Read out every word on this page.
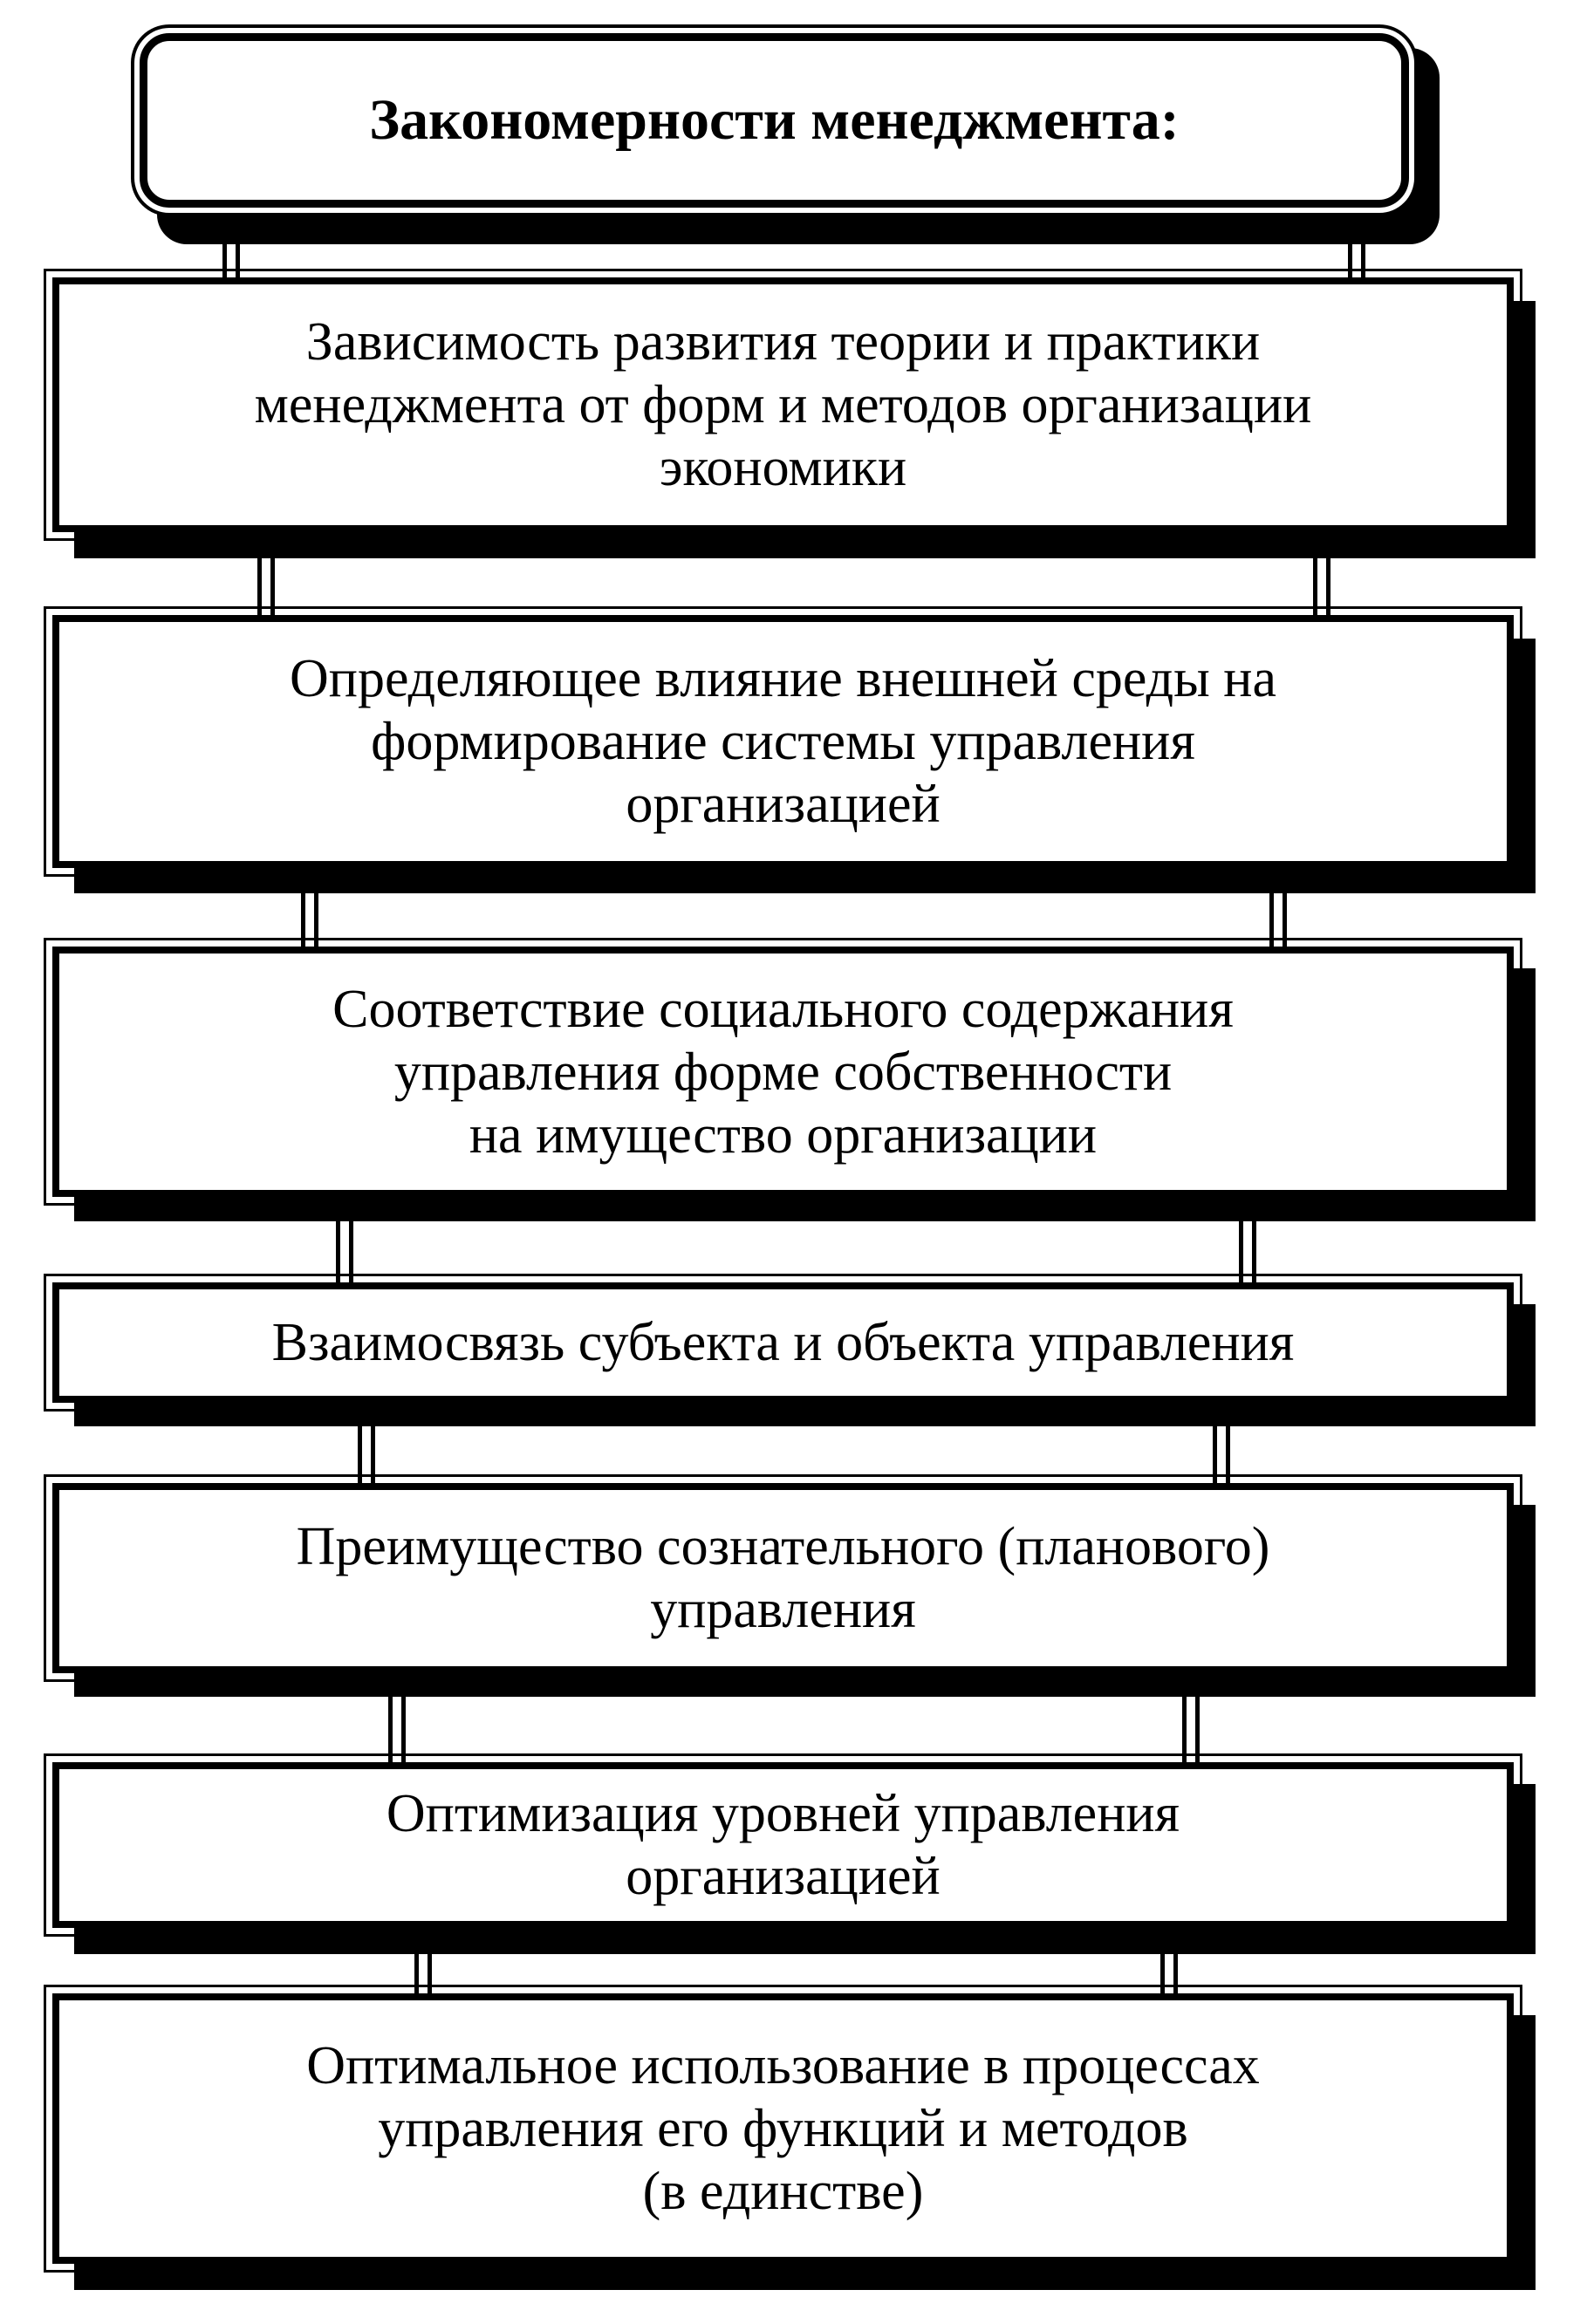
Закономерности менеджмента:
Зависимость развития теории и практики
менеджмента от форм и методов организации
экономики
Определяющее влияние внешней среды на
формирование системы управления
организацией
Соответствие социального содержания
управления форме собственности
на имущество организации
Взаимосвязь субъекта и объекта управления
Преимущество сознательного (планового)
управления
Оптимизация уровней управления
организацией
Оптимальное использование в процессах
управления его функций и методов
(в единстве)
